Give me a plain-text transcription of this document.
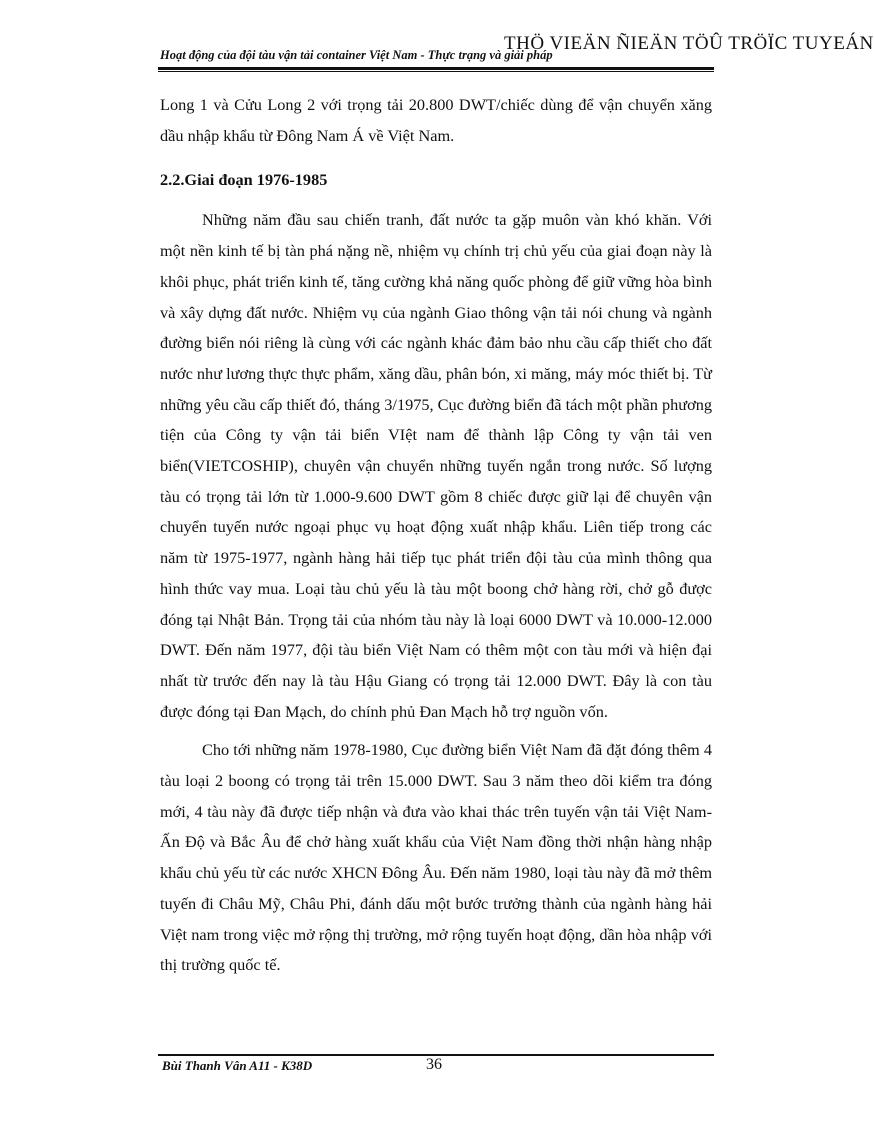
THÖ VIEÄN ÑIEÄN TÖÛ TRÖÏC TUYEÁN
Hoạt động của đội tàu vận tải container Việt Nam - Thực trạng và giải pháp

Long 1 và Cửu Long 2 với trọng tải 20.800 DWT/chiếc dùng để vận chuyển xăng dầu nhập khẩu từ Đông Nam Á về Việt Nam.

2.2.Giai đoạn 1976-1985

Những năm đầu sau chiến tranh, đất nước ta gặp muôn vàn khó khăn. Với một nền kinh tế bị tàn phá nặng nề, nhiệm vụ chính trị chủ yếu của giai đoạn này là khôi phục, phát triển kinh tế, tăng cường khả năng quốc phòng để giữ vững hòa bình và xây dựng đất nước. Nhiệm vụ của ngành Giao thông vận tải nói chung và ngành đường biển nói riêng là cùng với các ngành khác đảm bảo nhu cầu cấp thiết cho đất nước như lương thực thực phẩm, xăng dầu, phân bón, xi măng, máy móc thiết bị. Từ những yêu cầu cấp thiết đó, tháng 3/1975, Cục đường biển đã tách một phần phương tiện của Công ty vận tải biển VIệt nam để thành lập Công ty vận tải ven biển(VIETCOSHIP), chuyên vận chuyển những tuyến ngắn trong nước. Số lượng tàu có trọng tải lớn từ 1.000-9.600 DWT gồm 8 chiếc được giữ lại để chuyên vận chuyển tuyến nước ngoại phục vụ hoạt động xuất nhập khẩu. Liên tiếp trong các năm từ 1975-1977, ngành hàng hải tiếp tục phát triển đội tàu của mình thông qua hình thức vay mua. Loại tàu chủ yếu là tàu một boong chở hàng rời, chở gỗ được đóng tại Nhật Bản. Trọng tải của nhóm tàu này là loại 6000 DWT và 10.000-12.000 DWT. Đến năm 1977, đội tàu biển Việt Nam có thêm một con tàu mới và hiện đại nhất từ trước đến nay là tàu Hậu Giang có trọng tải 12.000 DWT. Đây là con tàu được đóng tại Đan Mạch, do chính phủ Đan Mạch hỗ trợ nguồn vốn.

Cho tới những năm 1978-1980, Cục đường biển Việt Nam đã đặt đóng thêm 4 tàu loại 2 boong có trọng tải trên 15.000 DWT. Sau 3 năm theo dõi kiểm tra đóng mới, 4 tàu này đã được tiếp nhận và đưa vào khai thác trên tuyến vận tải Việt Nam-Ấn Độ và Bắc Âu để chở hàng xuất khẩu của Việt Nam đồng thời nhận hàng nhập khẩu chủ yếu từ các nước XHCN Đông Âu. Đến năm 1980, loại tàu này đã mở thêm tuyến đi Châu Mỹ, Châu Phi, đánh dấu một bước trưởng thành của ngành hàng hải Việt nam trong việc mở rộng thị trường, mở rộng tuyến hoạt động, dần hòa nhập với thị trường quốc tế.

Bùi Thanh Vân A11 - K38D	36
